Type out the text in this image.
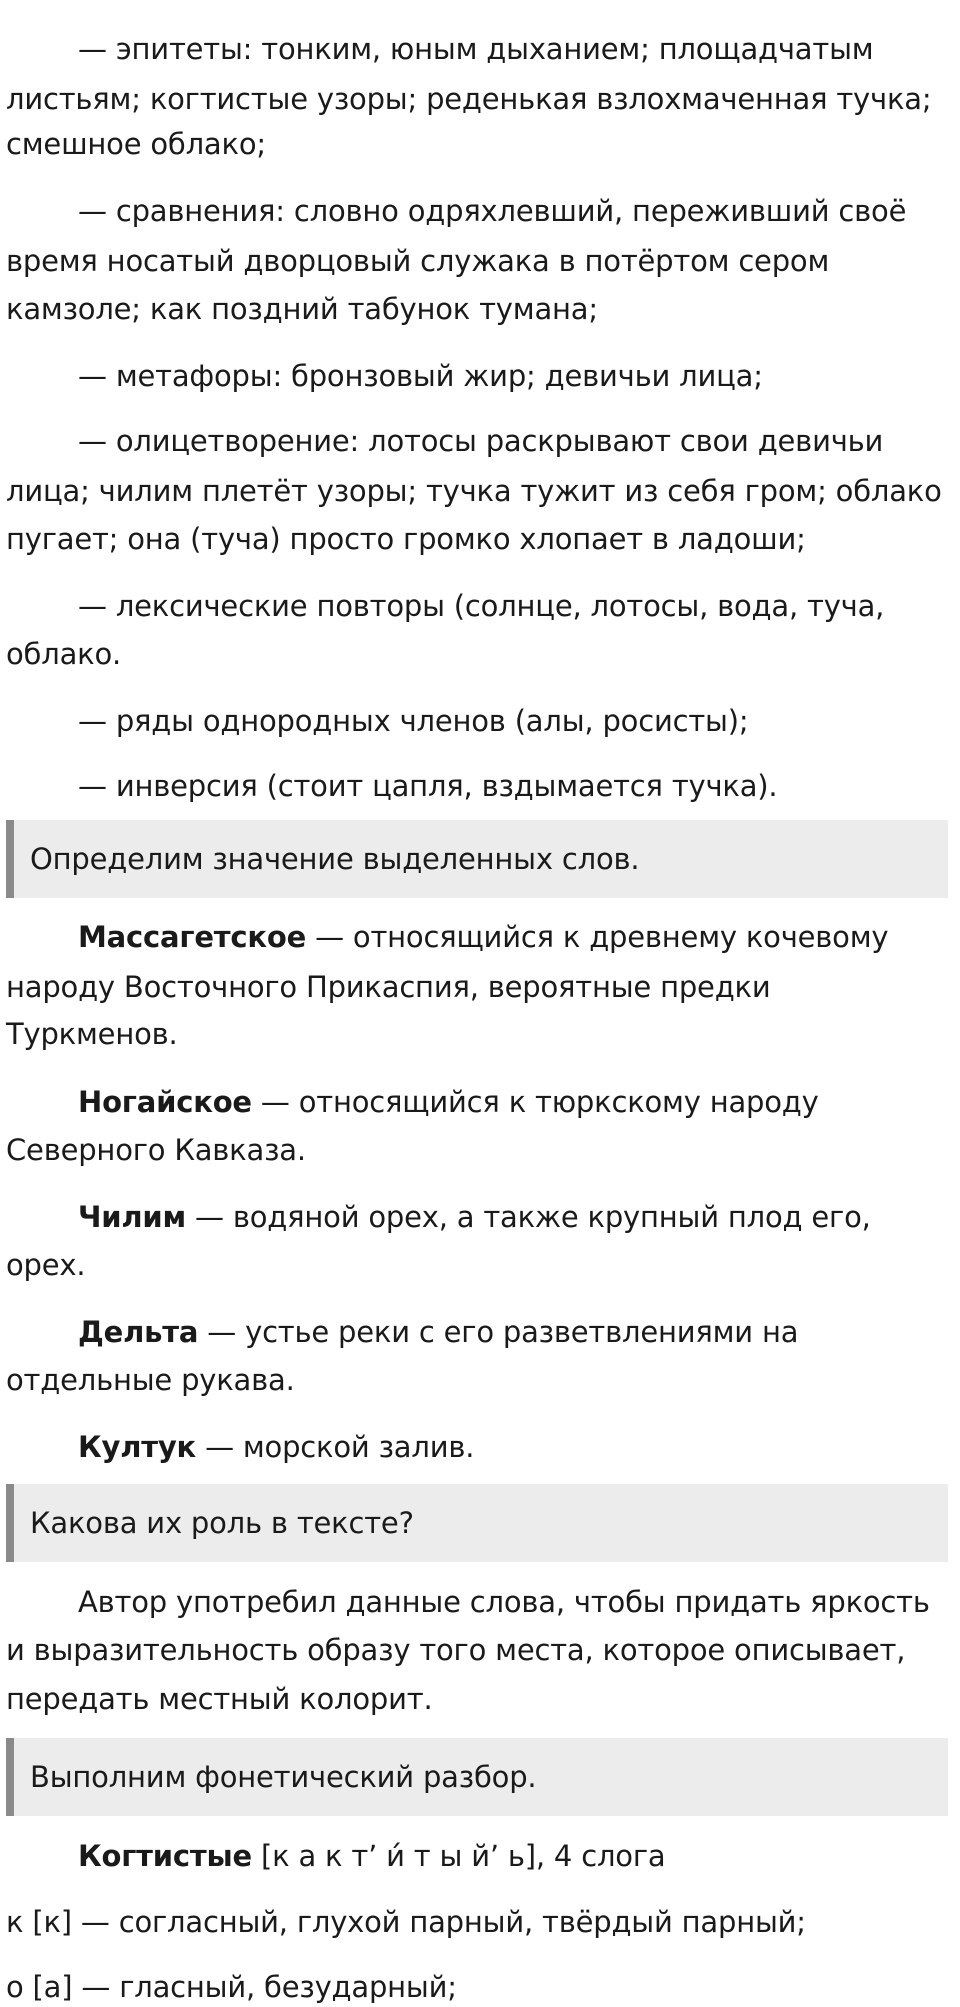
— эпитеты: тонким, юным дыханием; площадчатым
листьям; когтистые узоры; реденькая взлохмаченная тучка;
смешное облако;
— сравнения: словно одряхлевший, переживший своё
время носатый дворцовый служака в потёртом сером
камзоле; как поздний табунок тумана;
— метафоры: бронзовый жир; девичьи лица;
— олицетворение: лотосы раскрывают свои девичьи
лица; чилим плетёт узоры; тучка тужит из себя гром; облако
пугает; она (туча) просто громко хлопает в ладоши;
— лексические повторы (солнце, лотосы, вода, туча,
облако.
— ряды однородных членов (алы, росисты);
— инверсия (стоит цапля, вздымается тучка).
Определим значение выделенных слов.
Массагетское — относящийся к древнему кочевому
народу Восточного Прикаспия, вероятные предки
Туркменов.
Ногайское — относящийся к тюркскому народу
Северного Кавказа.
Чилим — водяной орех, а также крупный плод его,
орех.
Дельта — устье реки с его разветвлениями на
отдельные рукава.
Култук — морской залив.
Какова их роль в тексте?
Автор употребил данные слова, чтобы придать яркость
и выразительность образу того места, которое описывает,
передать местный колорит.
Выполним фонетический разбор.
Когтистые [к а к т’ и́ т ы й’ ь], 4 слога
к [к] — согласный, глухой парный, твёрдый парный;
о [а] — гласный, безударный;
